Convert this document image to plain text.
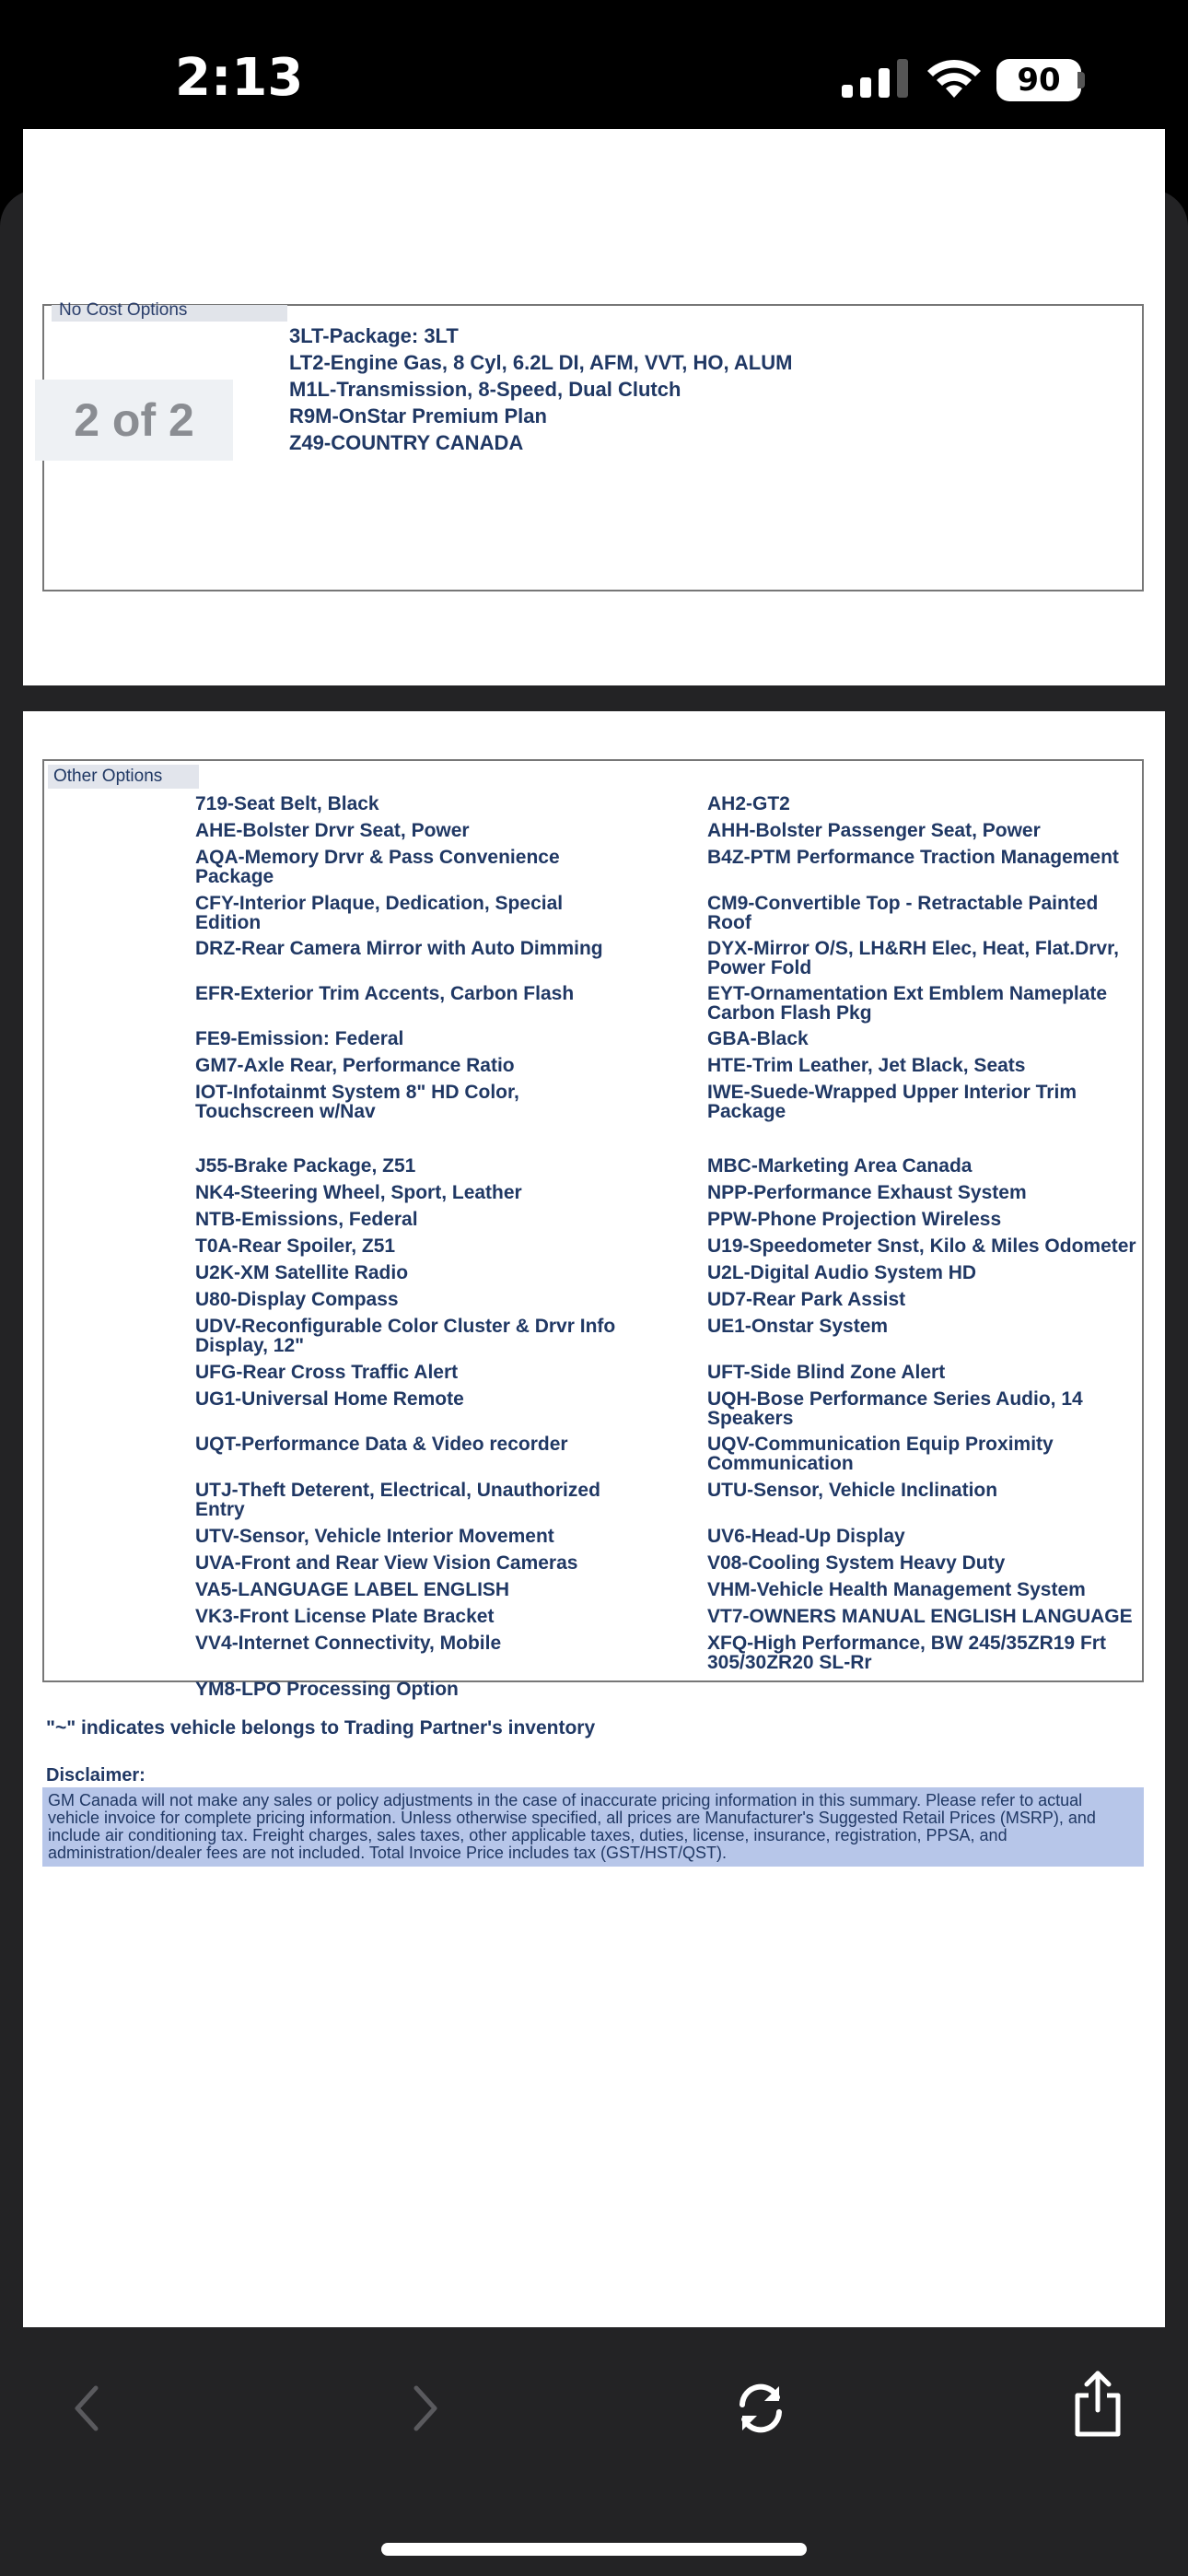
2:13	90
No Cost Options
3LT-Package: 3LT
LT2-Engine Gas, 8 Cyl, 6.2L DI, AFM, VVT, HO, ALUM
M1L-Transmission, 8-Speed, Dual Clutch
R9M-OnStar Premium Plan
Z49-COUNTRY CANADA
2 of 2
Other Options
719-Seat Belt, Black
AHE-Bolster Drvr Seat, Power
AQA-Memory Drvr & Pass Convenience Package
CFY-Interior Plaque, Dedication, Special Edition
DRZ-Rear Camera Mirror with Auto Dimming
EFR-Exterior Trim Accents, Carbon Flash
FE9-Emission: Federal
GM7-Axle Rear, Performance Ratio
IOT-Infotainmt System 8" HD Color, Touchscreen w/Nav
J55-Brake Package, Z51
NK4-Steering Wheel, Sport, Leather
NTB-Emissions, Federal
T0A-Rear Spoiler, Z51
U2K-XM Satellite Radio
U80-Display Compass
UDV-Reconfigurable Color Cluster & Drvr Info Display, 12"
UFG-Rear Cross Traffic Alert
UG1-Universal Home Remote
UQT-Performance Data & Video recorder
UTJ-Theft Deterent, Electrical, Unauthorized Entry
UTV-Sensor, Vehicle Interior Movement
UVA-Front and Rear View Vision Cameras
VA5-LANGUAGE LABEL ENGLISH
VK3-Front License Plate Bracket
VV4-Internet Connectivity, Mobile
YM8-LPO Processing Option
AH2-GT2
AHH-Bolster Passenger Seat, Power
B4Z-PTM Performance Traction Management
CM9-Convertible Top - Retractable Painted Roof
DYX-Mirror O/S, LH&RH Elec, Heat, Flat.Drvr, Power Fold
EYT-Ornamentation Ext Emblem Nameplate Carbon Flash Pkg
GBA-Black
HTE-Trim Leather, Jet Black, Seats
IWE-Suede-Wrapped Upper Interior Trim Package
MBC-Marketing Area Canada
NPP-Performance Exhaust System
PPW-Phone Projection Wireless
U19-Speedometer Snst, Kilo & Miles Odometer
U2L-Digital Audio System HD
UD7-Rear Park Assist
UE1-Onstar System
UFT-Side Blind Zone Alert
UQH-Bose Performance Series Audio, 14 Speakers
UQV-Communication Equip Proximity Communication
UTU-Sensor, Vehicle Inclination
UV6-Head-Up Display
V08-Cooling System Heavy Duty
VHM-Vehicle Health Management System
VT7-OWNERS MANUAL ENGLISH LANGUAGE
XFQ-High Performance, BW 245/35ZR19 Frt 305/30ZR20 SL-Rr
"~" indicates vehicle belongs to Trading Partner's inventory
Disclaimer:
GM Canada will not make any sales or policy adjustments in the case of inaccurate pricing information in this summary. Please refer to actual vehicle invoice for complete pricing information. Unless otherwise specified, all prices are Manufacturer's Suggested Retail Prices (MSRP), and include air conditioning tax. Freight charges, sales taxes, other applicable taxes, duties, license, insurance, registration, PPSA, and administration/dealer fees are not included. Total Invoice Price includes tax (GST/HST/QST).
